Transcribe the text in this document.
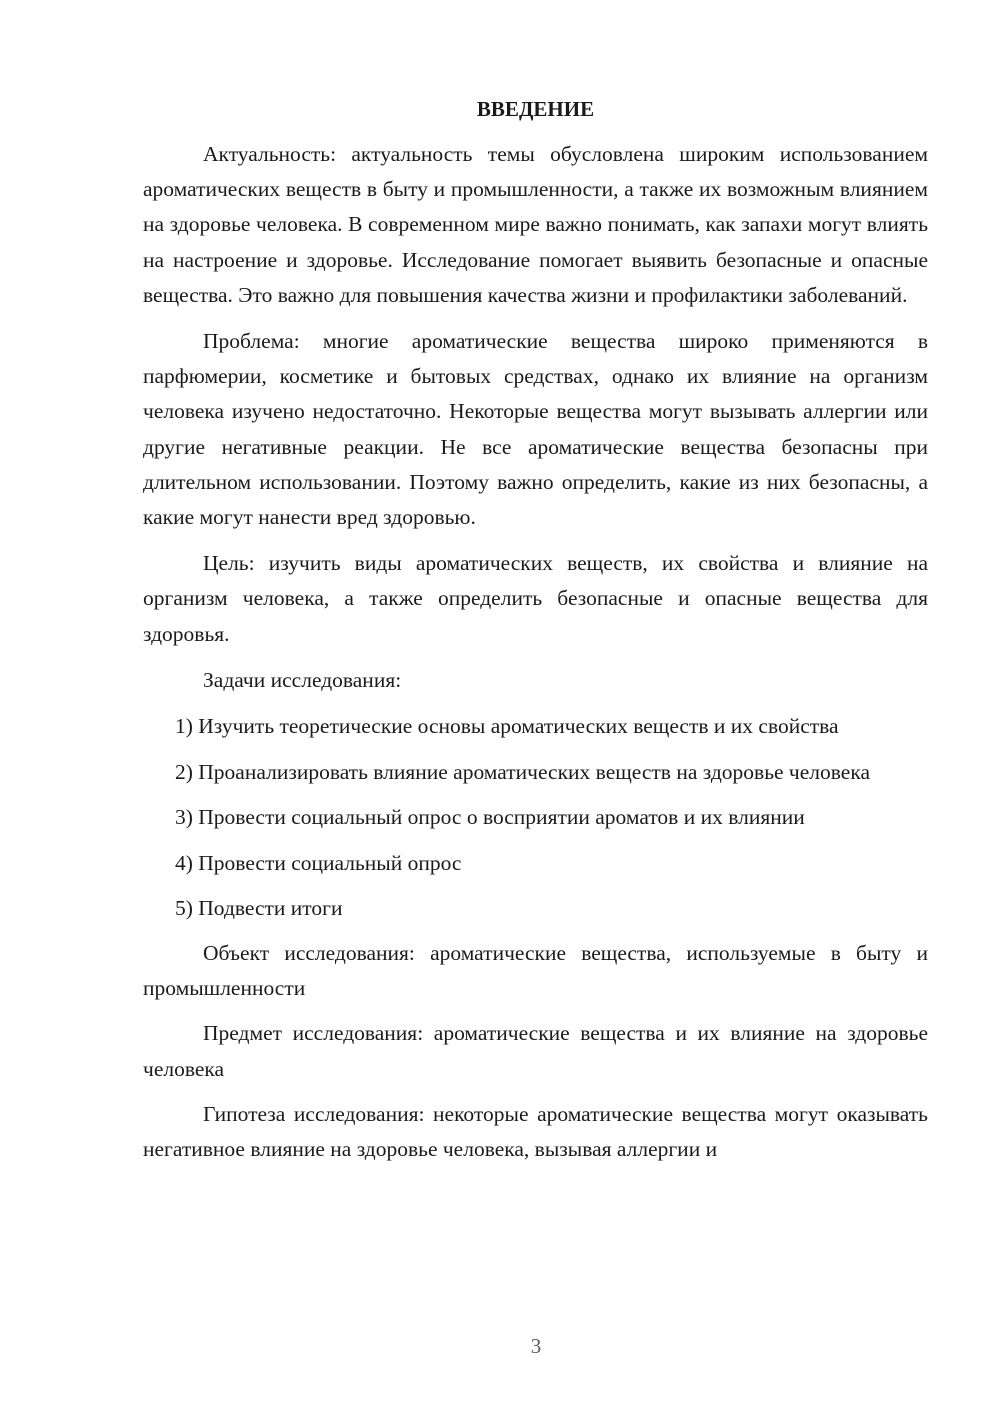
ВВЕДЕНИЕ

Актуальность: актуальность темы обусловлена широким использованием ароматических веществ в быту и промышленности, а также их возможным влиянием на здоровье человека. В современном мире важно понимать, как запахи могут влиять на настроение и здоровье. Исследование помогает выявить безопасные и опасные вещества. Это важно для повышения качества жизни и профилактики заболеваний.

Проблема: многие ароматические вещества широко применяются в парфюмерии, косметике и бытовых средствах, однако их влияние на организм человека изучено недостаточно. Некоторые вещества могут вызывать аллергии или другие негативные реакции. Не все ароматические вещества безопасны при длительном использовании. Поэтому важно определить, какие из них безопасны, а какие могут нанести вред здоровью.

Цель: изучить виды ароматических веществ, их свойства и влияние на организм человека, а также определить безопасные и опасные вещества для здоровья.

Задачи исследования:

1) Изучить теоретические основы ароматических веществ и их свойства

2) Проанализировать влияние ароматических веществ на здоровье человека

3) Провести социальный опрос о восприятии ароматов и их влиянии

4) Провести социальный опрос

5) Подвести итоги

Объект исследования: ароматические вещества, используемые в быту и промышленности

Предмет исследования: ароматические вещества и их влияние на здоровье человека

Гипотеза исследования: некоторые ароматические вещества могут оказывать негативное влияние на здоровье человека, вызывая аллергии и

3
